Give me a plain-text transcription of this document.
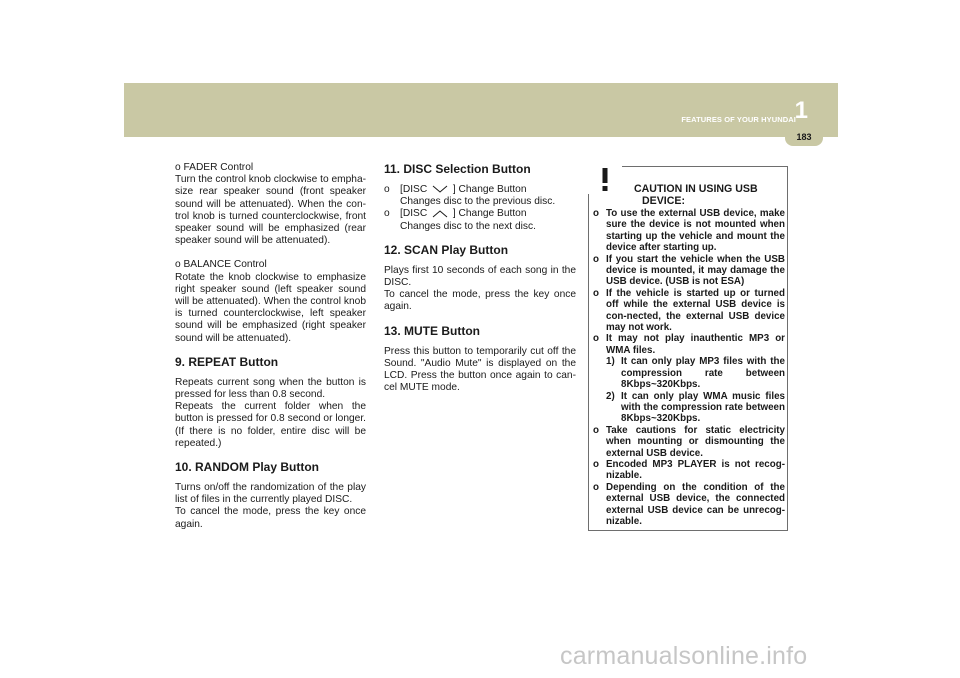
FEATURES OF YOUR HYUNDAI
1
183

o FADER Control

Turn the control knob clockwise to empha-size rear speaker sound (front speaker sound will be attenuated). When the con-trol knob is turned counterclockwise, front speaker sound will be emphasized (rear speaker sound will be attenuated).

o BALANCE Control

Rotate the knob clockwise to emphasize right speaker sound (left speaker sound will be attenuated). When the control knob is turned counterclockwise, left speaker sound will be emphasized (right speaker sound will be attenuated).

9. REPEAT Button

Repeats current song when the button is pressed for less than 0.8 second.

Repeats the current folder when the button is pressed for 0.8 second or longer. (If there is no folder, entire disc will be repeated.)

10. RANDOM Play Button

Turns on/off the randomization of the play list of files in the currently played DISC.

To cancel the mode, press the key once again.

11. DISC Selection Button
o [DISC	] Change Button
Changes disc to the previous disc.
o [DISC	] Change Button
Changes disc to the next disc.
12. SCAN Play Button

Plays first 10 seconds of each song in the DISC.

To cancel the mode, press the key once again.

13. MUTE Button

Press this button to temporarily cut off the Sound. "Audio Mute" is displayed on the LCD. Press the button once again to can-cel MUTE mode.

CAUTION IN USING USB
DEVICE:
o To use the external USB device, make sure the device is not mounted when starting up the vehicle and mount the device after starting up.

o If you start the vehicle when the USB device is mounted, it may damage the USB device. (USB is not ESA)

o If the vehicle is started up or turned off while the external USB device is con-nected, the external USB device may not work.

o It may not play inauthentic MP3 or WMA files.

1) It can only play MP3 files with the compression rate between 8Kbps~320Kbps.

2) It can only play WMA music files with the compression rate between 8Kbps~320Kbps.

o Take cautions for static electricity when mounting or dismounting the external USB device.

o Encoded MP3 PLAYER is not recog-nizable.

o Depending on the condition of the external USB device, the connected external USB device can be unrecog-nizable.

carmanualsonline.info
